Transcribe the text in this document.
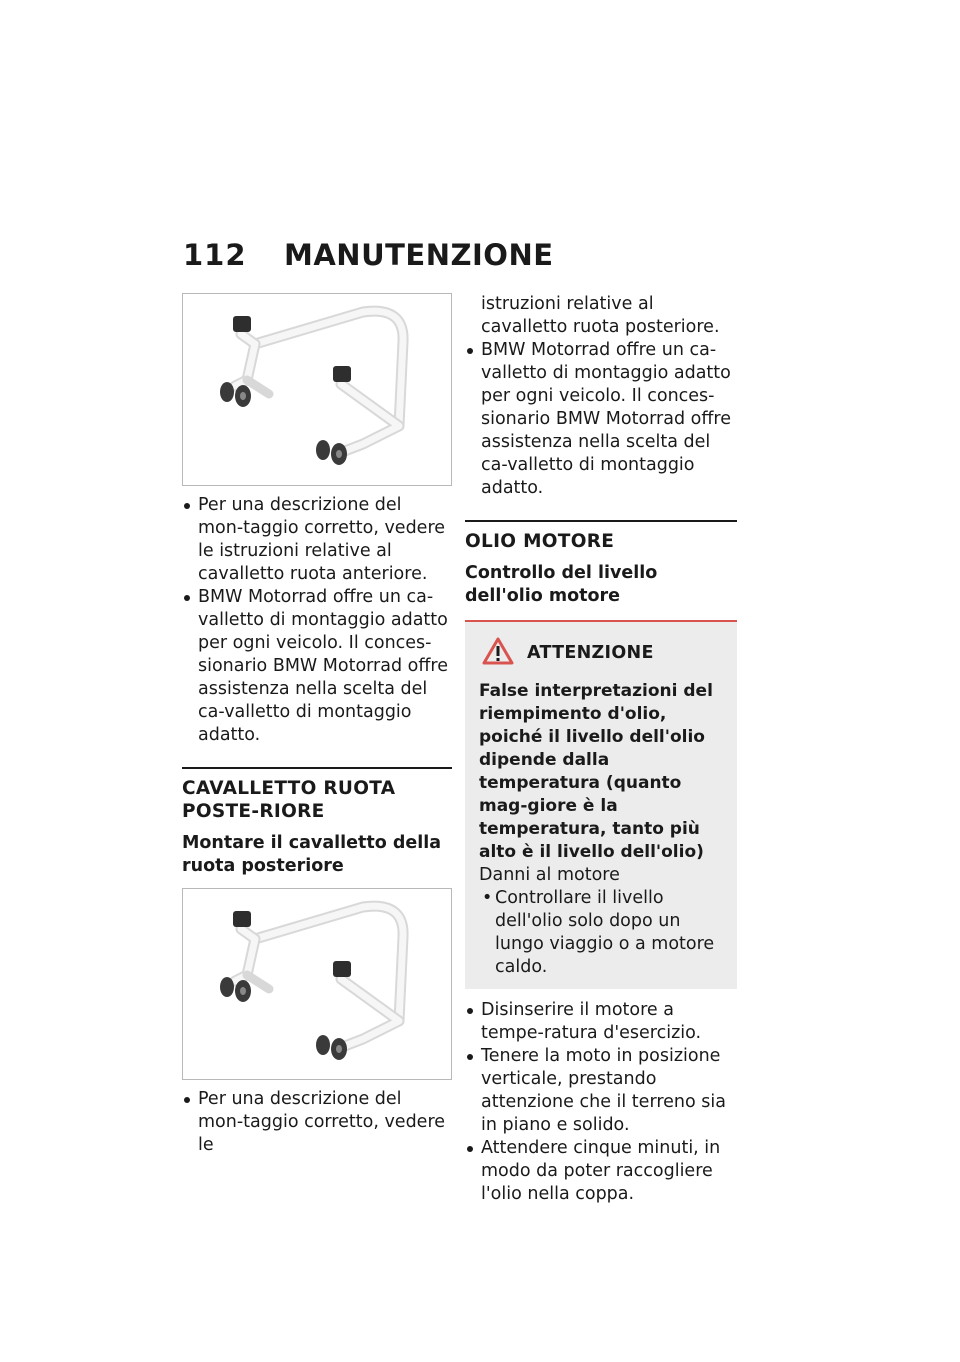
112 MANUTENZIONE
Per una descrizione del mon-taggio corretto, vedere le istruzioni relative al cavalletto ruota anteriore.
BMW Motorrad offre un ca-valletto di montaggio adatto per ogni veicolo. Il conces-sionario BMW Motorrad offre assistenza nella scelta del ca-valletto di montaggio adatto.
CAVALLETTO RUOTA POSTE-RIORE
Montare il cavalletto della ruota posteriore
Per una descrizione del mon-taggio corretto, vedere le
istruzioni relative al cavalletto ruota posteriore.
BMW Motorrad offre un ca-valletto di montaggio adatto per ogni veicolo. Il conces-sionario BMW Motorrad offre assistenza nella scelta del ca-valletto di montaggio adatto.
OLIO MOTORE
Controllo del livello dell'olio motore
ATTENZIONE
False interpretazioni del riempimento d'olio, poiché il livello dell'olio dipende dalla temperatura (quanto mag-giore è la temperatura, tanto più alto è il livello dell'olio)
Danni al motore
• Controllare il livello dell'olio solo dopo un lungo viaggio o a motore caldo.
Disinserire il motore a tempe-ratura d'esercizio.
Tenere la moto in posizione verticale, prestando attenzione che il terreno sia in piano e solido.
Attendere cinque minuti, in modo da poter raccogliere l'olio nella coppa.
